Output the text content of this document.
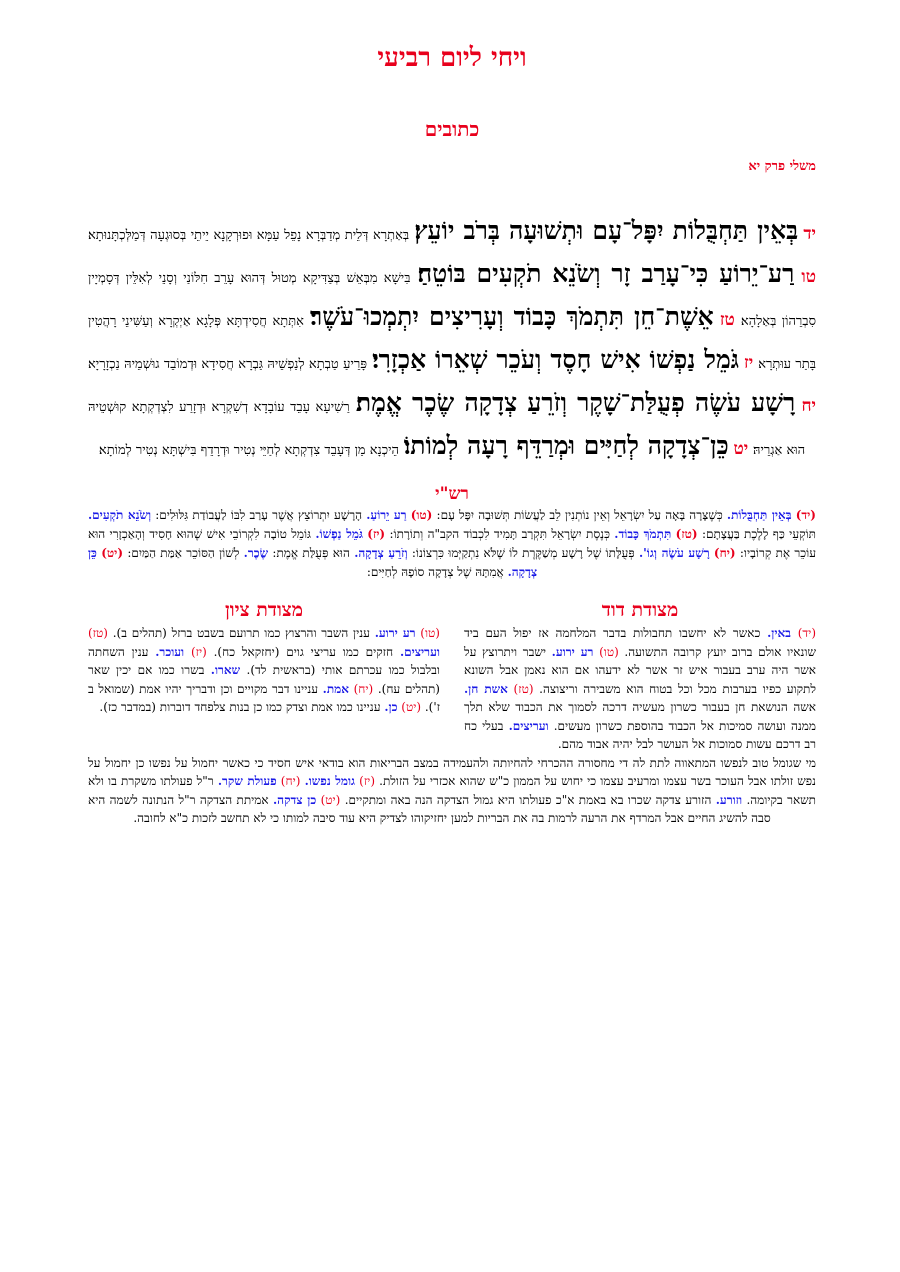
ויחי ליום רביעי
כתובים
משלי פרק יא
יד בְּאֵין תַּחְבֻּלוֹת יִפָּל־עָם וּתְשׁוּעָה בְּרֹב יוֹעֵץ׃ בְּאַתְרָא דְּלֵית מְדַבְּרָא נָפֵל עַמָּא וּפוּרְקָנָא יֵיתֵי בְּסוּגְעָה דְּמַלְּכְתָּנוּתָא׃ טו רַע־יֵרוֹעַ כִּי־עָרַב זָר וְשֹׂנֵא תֹקְעִים בּוֹטֵחַ׃ בִּישָׁא מִבְּאֵשׁ בְּצַדִּיקָא מְטוּל דְּהוּא עָרֵב חִלּוֹנַי וְסָנֵי לְאִלֵּין דְּסָמְיָין סִבְרֵהוֹן בְּאַלָהָא׃ טז אֵשֶׁת־חֵן תִּתְמֹךְ כָּבוֹד וְעָרִיצִים יִתְמְכוּ־עֹשֶׁר׃ אִתְּתָא חֲסִידְתָּא פְּלָגָא אַיְקְרָא וְעַשִּׁינֵי רָהֲטִין בָּתַר עוּתְרָא׃ יז גֹּמֵל נַפְשׁוֹ אִישׁ חָסֶד וְעֹכֵר שְׁאֵרוֹ אַכְזָרִי׃ פָּרֵיעַ טַבְתָא לְנַפְשֵׁיהּ גַּבְרָא חֲסִידָא וּדְמוֹבֵד גוּשְׁמֵיהּ נַכְזָרָיָא׃ יח רָשָׁע עֹשֶׂה פְעֻלַּת־שָׁקֶר וְזֹרֵעַ צְדָקָה שֶׂכֶר אֱמֶת׃ רַשִׁיעָא עָבֵד עוֹבָדָא דְשִׁקְרָא וּדְזָרַע לִצְדְקְתָא קוּשְׁטֵיהּ הוּא אַגְרֵיהּ׃ יט כֵּן־צְדָקָה לְחַיִּים וּמְרַדֵּף רָעָה לְמוֹתוֹ׃ הֵיכְנָא מַן דְּעָבֵד צִדְקְתָא לְחַיֵּי נְטִיר וּדְרָדֵף בִּישְׁתָּא נְטִיר לְמוֹתָא׃
רש"י
(יד) בְּאֵין תַּחְבֻּלוֹת. כְּשֶׁצָּרָה בָּאָה עַל יִשְׂרָאֵל וְאֵין נוֹתְנִין לֵב לַעֲשׂוֹת תְּשׁוּבָה יִפָּל עָם: (טו) רַע יֵרוֹעַ. הָרָשָׁע יִתְרוֹצֵץ אֲשֶׁר עָרַב לִבּוֹ לַעֲבוֹדַת גִּלּוּלִים: וְשֹׂנֵא תֹקְעִים. תּוֹקְעֵי כַּף לָלֶכֶת בַּעֲצָתָם: (טז) תִּתְמֹךְ כָּבוֹד. כְּנֶסֶת יִשְׂרָאֵל תִּקְרַב תָּמִיד לִכְבוֹד הקב"ה וְתוֹרָתוֹ: (יז) גֹּמֵל נַפְשׁוֹ. גּוֹמֵל טוֹבָה לִקְרוֹבֵי אִישׁ שֶׁהוּא חָסִיד וְהָאַכְזָרִי הוּא עוֹכֵר אֶת קְרוֹבָיו: (יח) רָשָׁע עֹשֶׂה וְגוֹ'. פְּעֻלָּתוֹ שֶׁל רָשָׁע מְשַׁקֶּרֶת לוֹ שֶׁלֹּא נִתְקַיְּמוּ כִּרְצוֹנוֹ: וְזֹרֵעַ צְדָקָה. הוּא פְּעֻלַּת אֱמֶת: שֶׂכֶר. לְשׁוֹן הַסּוֹכֵר אַמַּת הַמַּיִם: (יט) כֵּן צְדָקָה. אֲמִתָּהּ שֶׁל צְדָקָה סוֹפָהּ לְחַיִּים:
מצודת דוד
(יד) באין. כאשר לא יחשבו תחבולות בדבר המלחמה אז יפול העם ביד שונאיו אולם ברוב יועץ קרובה התשועה. (טו) רע ירוע. ישבר ויתרוצץ על אשר היה ערב בעבור איש זר אשר לא ידעהו אם הוא נאמן אבל השונא לתקוע כפיו בערבות מכל וכל בטוח הוא משבירה וריצוצה. (טז) אשת חן. אשה הנושאת חן בעבור כשרון מעשיה דרכה לסמוך את הכבוד שלא תלך ממנה ועושה סמיכות אל הכבוד בהוספת כשרון מעשים. ועריצים. בעלי כח רב דרכם עשות סמוכות אל העושר לבל יהיה אבוד מהם.
מצודת ציון
(טו) רע ירוע. ענין השבר והרצוץ כמו תרועם בשבט ברזל (תהלים ב). (טז) ועריצים. חזקים כמו עריצי גוים (יחזקאל כח). (יז) ועוכר. ענין השחתה ובלבול כמו עכרתם אותי (בראשית לד). שארו. בשרו כמו אם יכין שאר (תהלים עח). (יח) אמת. עניינו דבר מקויים וכן ודבריך יהיו אמת (שמואל ב ז'). (יט) כן. עניינו כמו אמת וצדק כמו כן בנות צלפחד דוברות (במדבר כז).
מי שגומל טוב לנפשו המתאווה לתת לה די מחסורה ההכרחי להחיותה ולהעמידה במצב הבריאות הוא בודאי איש חסיד כי כאשר יחמול על נפשו כן יחמול על נפש זולתו אבל העוכר בשר עצמו ומרעיב עצמו כי יחוש על הממון כ"ש שהוא אכזרי על הזולת. (יז) גומל נפשו. (יח) פעולת שקר. ר"ל פעולתו משקרת בו ולא תשאר בקיומה. וזורע. הזורע צדקה שכרו בא באמת א"כ פעולתו היא גמול הצדקה הנה באה ומתקיים. (יט) כן צדקה. אמיתת הצדקה ר"ל הנתונה לשמה היא סבה להשיג החיים אבל המרדף את הרעה לרמות בה את הבריות למען יחזיקוהו לצדיק היא עוד סיבה למותו כי לא תחשב לזכות כ"א לחובה.
